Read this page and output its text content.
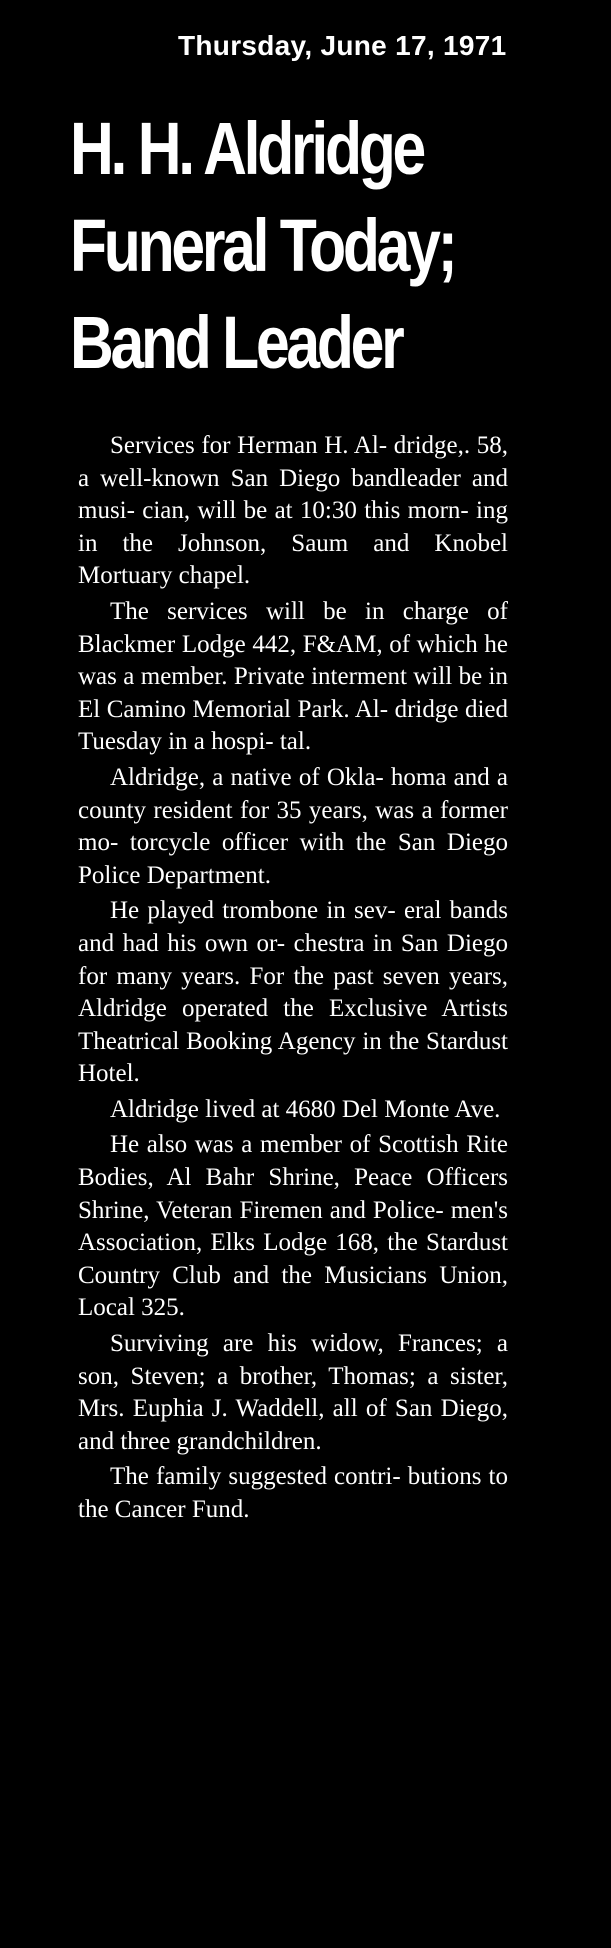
Thursday, June 17, 1971
H. H. Aldridge
Funeral Today;
Band Leader

Services for Herman H. Al- dridge,. 58, a well-known San Diego bandleader and musi- cian, will be at 10:30 this morn- ing in the Johnson, Saum and Knobel Mortuary chapel.

The services will be in charge of Blackmer Lodge 442, F&AM, of which he was a member. Private interment will be in El Camino Memorial Park. Al- dridge died Tuesday in a hospi- tal.

Aldridge, a native of Okla- homa and a county resident for 35 years, was a former mo- torcycle officer with the San Diego Police Department.

He played trombone in sev- eral bands and had his own or- chestra in San Diego for many years. For the past seven years, Aldridge operated the Exclusive Artists Theatrical Booking Agency in the Stardust Hotel.

Aldridge lived at 4680 Del Monte Ave.

He also was a member of Scottish Rite Bodies, Al Bahr Shrine, Peace Officers Shrine, Veteran Firemen and Police- men's Association, Elks Lodge 168, the Stardust Country Club and the Musicians Union, Local 325.

Surviving are his widow, Frances; a son, Steven; a brother, Thomas; a sister, Mrs. Euphia J. Waddell, all of San Diego, and three grandchildren.

The family suggested contri- butions to the Cancer Fund.
